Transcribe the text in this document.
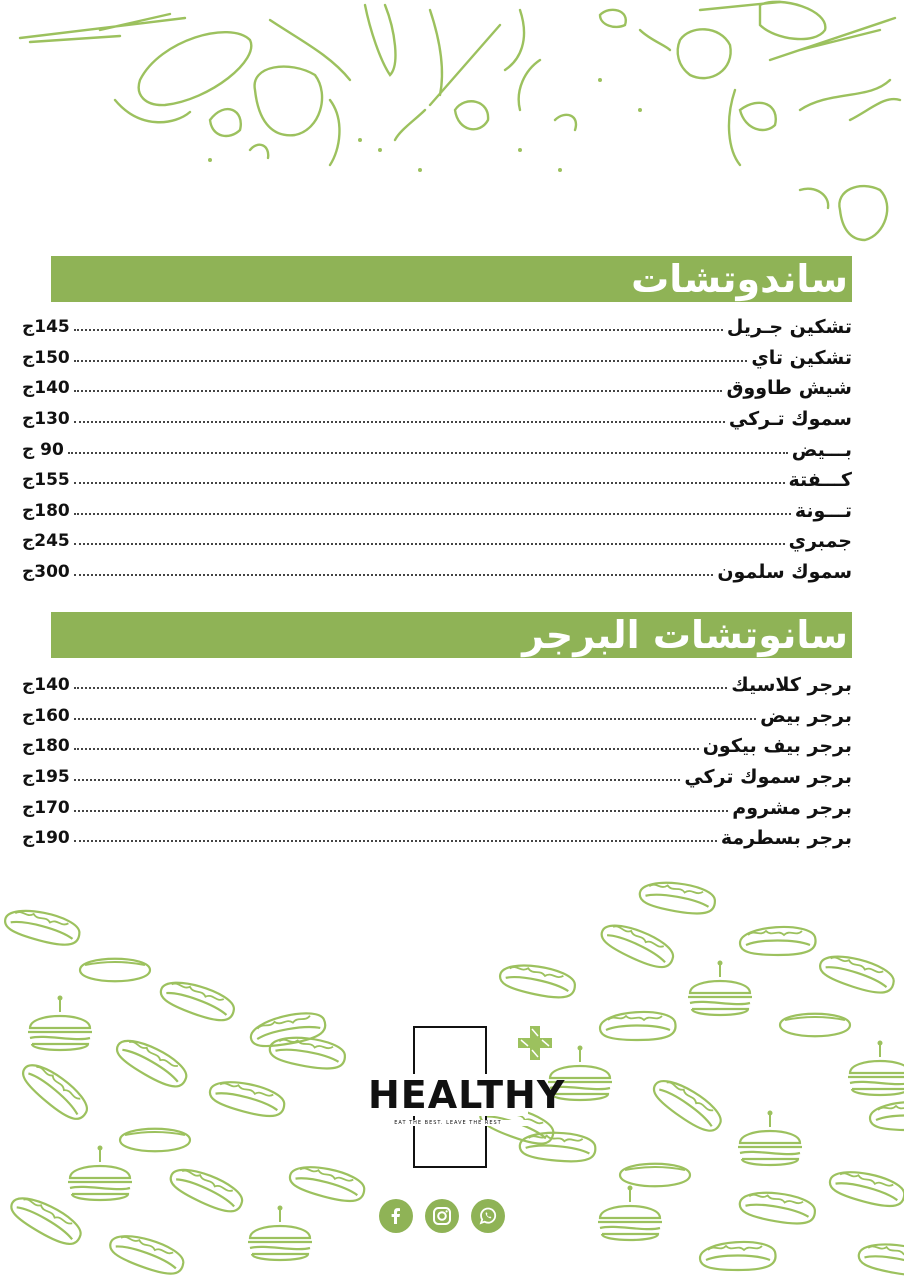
ساندوتشات
تشكين جـريل
145ج
تشكين تاي
150ج
شيش طاووق
140ج
سموك تـركي
130ج
بـــيض
90 ج
كـــفتة
155ج
تـــونة
180ج
جمبري
245ج
سموك سلمون
300ج
سانوتشات البرجر
برجر كلاسيك
140ج
برجر بيض
160ج
برجر بيف بيكون
180ج
برجر سموك تركي
195ج
برجر مشروم
170ج
برجر بسطرمة
190ج
HEALTHY
EAT THE BEST. LEAVE THE REST
